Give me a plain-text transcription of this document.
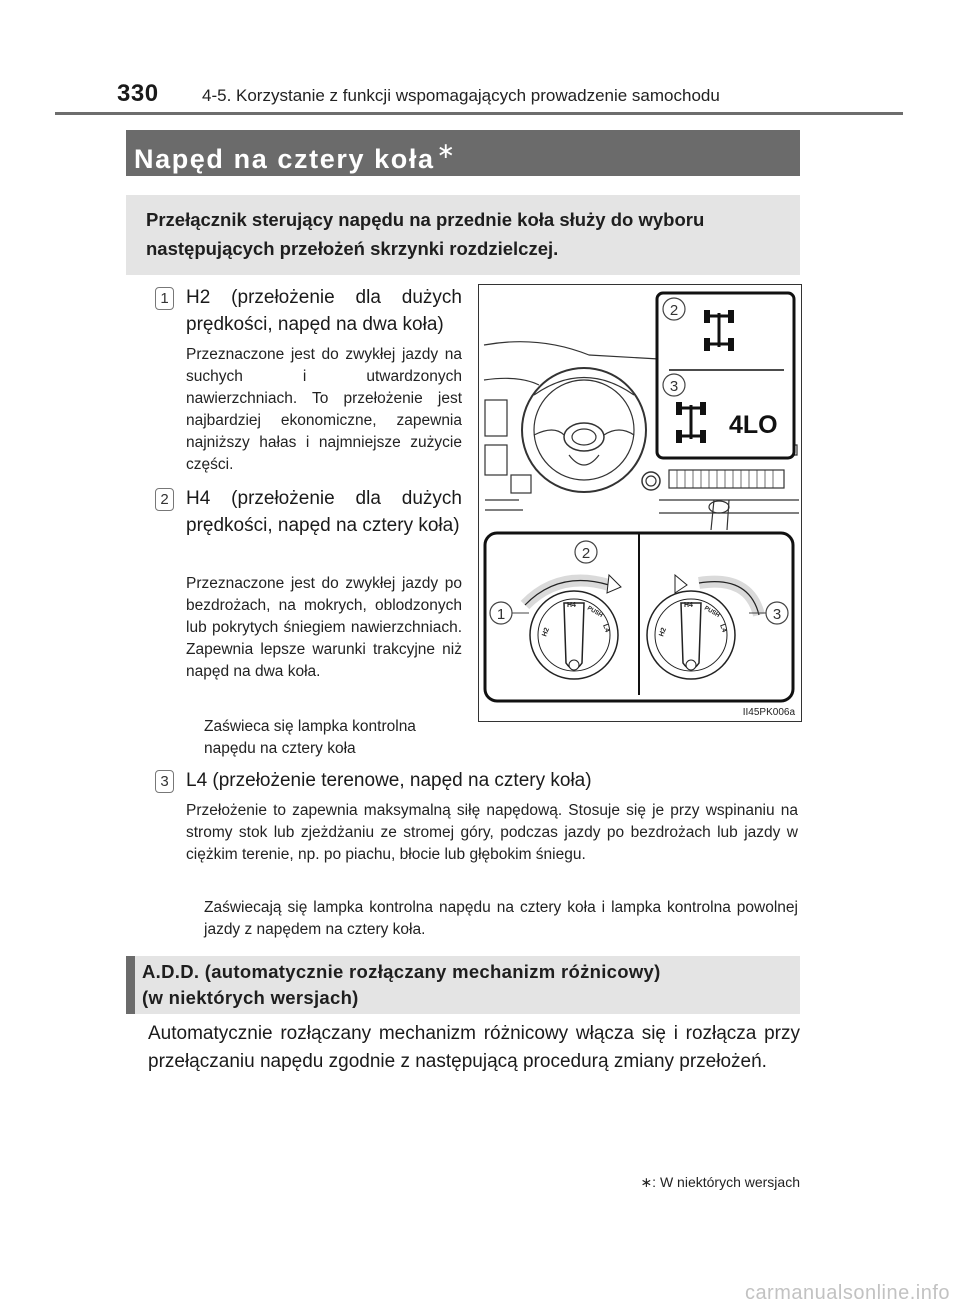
330	4-5. Korzystanie z funkcji wspomagających prowadzenie samochodu
Napęd na cztery koła∗

Przełącznik sterujący napędu na przednie koła służy do wyboru następujących przełożeń skrzynki rozdzielczej.

1 H2 (przełożenie dla dużych prędkości, napęd na dwa koła)
Przeznaczone jest do zwykłej jazdy na suchych i utwardzonych nawierzchniach. To przełożenie jest najbardziej ekonomiczne, zapewnia najniższy hałas i najmniejsze zużycie części.
2 H4 (przełożenie dla dużych prędkości, napęd na cztery koła)
Przeznaczone jest do zwykłej jazdy po bezdrożach, na mokrych, oblodzonych lub pokrytych śniegiem nawierzchniach. Zapewnia lepsze warunki trakcyjne niż napęd na dwa koła.
Zaświeca się lampka kontrolna napędu na cztery koła
3 L4 (przełożenie terenowe, napęd na cztery koła)
Przełożenie to zapewnia maksymalną siłę napędową. Stosuje się je przy wspinaniu na stromy stok lub zjeżdżaniu ze stromej góry, podczas jazdy po bezdrożach lub jazdy w ciężkim terenie, np. po piachu, błocie lub głębokim śniegu.
Zaświecają się lampka kontrolna napędu na cztery koła i lampka kontrolna powolnej jazdy z napędem na cztery koła.
2
3
4LO
H2
H4
PUSH
L4	H2
H4
PUSH
L4
2
1	3
II45PK006a

A.D.D. (automatycznie rozłączany mechanizm różnicowy)
(w niektórych wersjach)

Automatycznie rozłączany mechanizm różnicowy włącza się i rozłącza przy przełączaniu napędu zgodnie z następującą procedurą zmiany przełożeń.
∗: W niektórych wersjach
carmanualsonline.info
